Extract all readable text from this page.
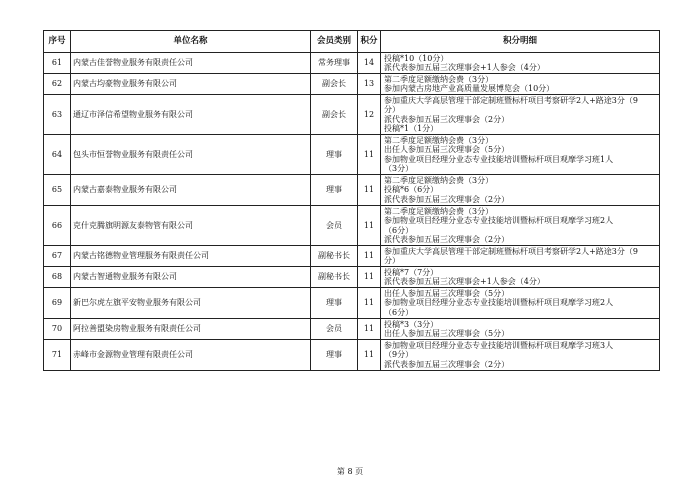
序号	单位名称	会员类别	积分	积分明细
61	内蒙古佳誉物业服务有限责任公司	常务理事	14	投稿*10（10分）
派代表参加五届三次理事会+1人参会（4分）

62	内蒙古均豪物业服务有限公司	副会长	13	第二季度足额缴纳会费（3分）
参加内蒙古房地产业高质量发展博览会（10分）

63	通辽市泽信希望物业服务有限公司	副会长	12	参加重庆大学高层管理干部定制班暨标杆项目考察研学2人+路途3分（9
分）
派代表参加五届三次理事会（2分）
投稿*1（1分）

64	包头市恒誉物业服务有限责任公司	理事	11	第二季度足额缴纳会费（3分）
出任人参加五届三次理事会（5分）
参加物业项目经理分业态专业技能培训暨标杆项目观摩学习班1人
（3分）

65	内蒙古嘉泰物业服务有限公司	理事	11	第二季度足额缴纳会费（3分）
投稿*6（6分）
派代表参加五届三次理事会（2分）

66	克什克腾旗明源友泰物管有限公司	会员	11	第二季度足额缴纳会费（3分）
参加物业项目经理分业态专业技能培训暨标杆项目观摩学习班2人
（6分）
派代表参加五届三次理事会（2分）

67	内蒙古铭德物业管理服务有限责任公司	副秘书长	11	参加重庆大学高层管理干部定制班暨标杆项目考察研学2人+路途3分（9
分）

68	内蒙古智通物业服务有限公司	副秘书长	11	投稿*7（7分）
派代表参加五届三次理事会+1人参会（4分）

69	新巴尔虎左旗平安物业服务有限公司	理事	11	出任人参加五届三次理事会（5分）
参加物业项目经理分业态专业技能培训暨标杆项目观摩学习班2人
（6分）

70	阿拉善盟染房物业服务有限责任公司	会员	11	投稿*3（3分）
出任人参加五届三次理事会（5分）

71	赤峰市金源物业管理有限责任公司	理事	11	参加物业项目经理分业态专业技能培训暨标杆项目观摩学习班3人
（9分）
派代表参加五届三次理事会（2分）
第 8 页
